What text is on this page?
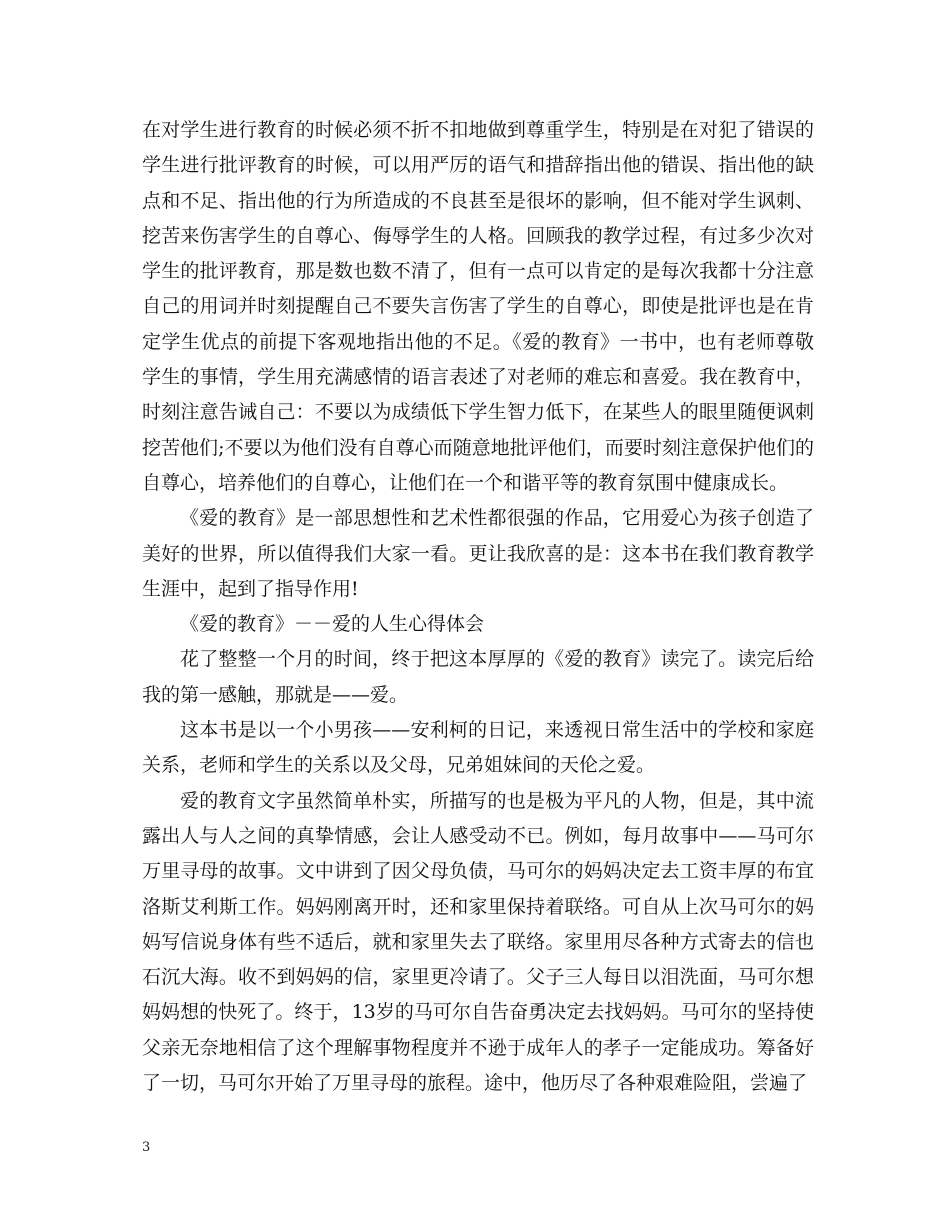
在对学生进行教育的时候必须不折不扣地做到尊重学生，特别是在对犯了错误的学生进行批评教育的时候，可以用严厉的语气和措辞指出他的错误、指出他的缺点和不足、指出他的行为所造成的不良甚至是很坏的影响，但不能对学生讽刺、挖苦来伤害学生的自尊心、侮辱学生的人格。回顾我的教学过程，有过多少次对学生的批评教育，那是数也数不清了，但有一点可以肯定的是每次我都十分注意自己的用词并时刻提醒自己不要失言伤害了学生的自尊心，即使是批评也是在肯定学生优点的前提下客观地指出他的不足。《爱的教育》一书中，也有老师尊敬学生的事情，学生用充满感情的语言表述了对老师的难忘和喜爱。我在教育中，时刻注意告诫自己：不要以为成绩低下学生智力低下，在某些人的眼里随便讽刺挖苦他们;不要以为他们没有自尊心而随意地批评他们，而要时刻注意保护他们的自尊心，培养他们的自尊心，让他们在一个和谐平等的教育氛围中健康成长。

《爱的教育》是一部思想性和艺术性都很强的作品，它用爱心为孩子创造了美好的世界，所以值得我们大家一看。更让我欣喜的是：这本书在我们教育教学生涯中，起到了指导作用!

《爱的教育》－－爱的人生心得体会

花了整整一个月的时间，终于把这本厚厚的《爱的教育》读完了。读完后给我的第一感触，那就是——爱。

这本书是以一个小男孩——安利柯的日记，来透视日常生活中的学校和家庭关系，老师和学生的关系以及父母，兄弟姐妹间的天伦之爱。

爱的教育文字虽然简单朴实，所描写的也是极为平凡的人物，但是，其中流露出人与人之间的真挚情感，会让人感受动不已。例如，每月故事中——马可尔万里寻母的故事。文中讲到了因父母负债，马可尔的妈妈决定去工资丰厚的布宜洛斯艾利斯工作。妈妈刚离开时，还和家里保持着联络。可自从上次马可尔的妈妈写信说身体有些不适后，就和家里失去了联络。家里用尽各种方式寄去的信也石沉大海。收不到妈妈的信，家里更冷请了。父子三人每日以泪洗面，马可尔想妈妈想的快死了。终于，13岁的马可尔自告奋勇决定去找妈妈。马可尔的坚持使父亲无奈地相信了这个理解事物程度并不逊于成年人的孝子一定能成功。筹备好了一切，马可尔开始了万里寻母的旅程。途中，他历尽了各种艰难险阻，尝遍了

3
